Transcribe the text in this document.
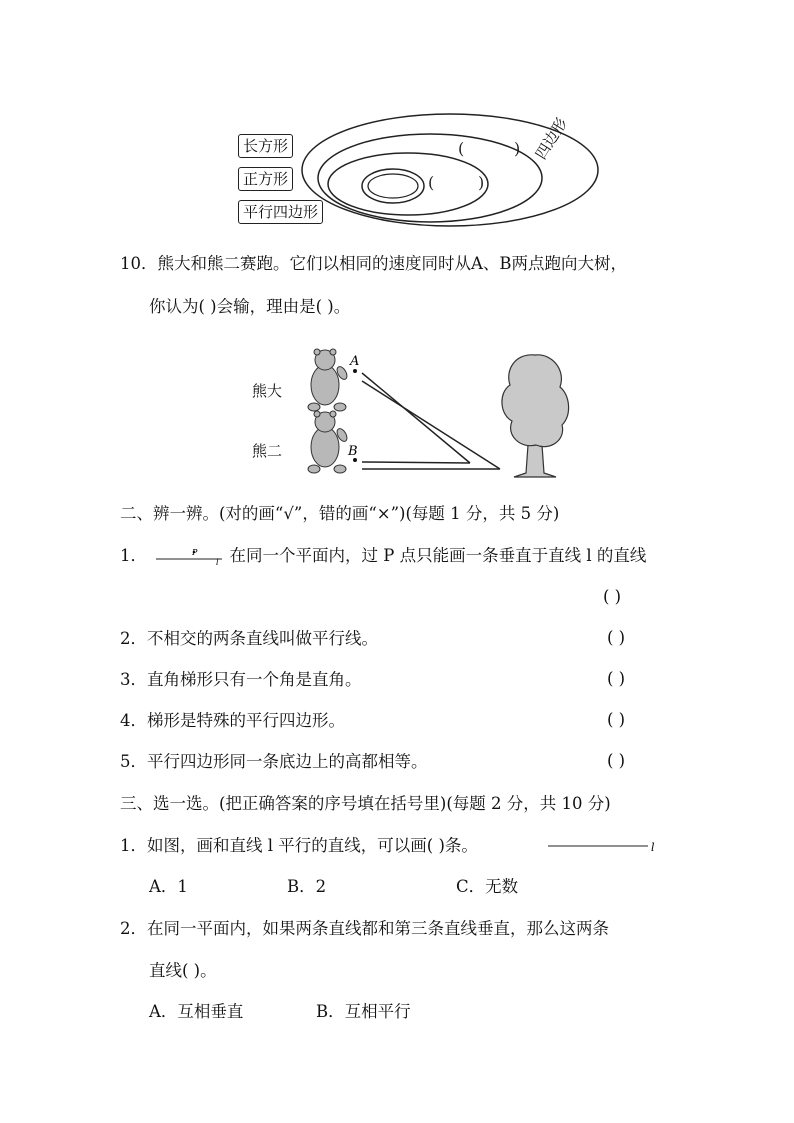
(	)
(	)
四边形
长方形
正方形
平行四边形
10．熊大和熊二赛跑。它们以相同的速度同时从A、B两点跑向大树，
你认为( )会输，理由是( )。
熊大
熊二
A
B
二、辨一辨。(对的画“√”，错的画“×”)(每题 1 分，共 5 分)
1．	P
l 在同一个平面内，过 P 点只能画一条垂直于直线 l 的直线
( )
2．不相交的两条直线叫做平行线。	( )
3．直角梯形只有一个角是直角。	( )
4．梯形是特殊的平行四边形。	( )
5．平行四边形同一条底边上的高都相等。	( )
三、选一选。(把正确答案的序号填在括号里)(每题 2 分，共 10 分)
1．如图，画和直线 l 平行的直线，可以画( )条。	l
A．1	B．2	C．无数
2．在同一平面内，如果两条直线都和第三条直线垂直，那么这两条
直线( )。
A．互相垂直	B．互相平行
